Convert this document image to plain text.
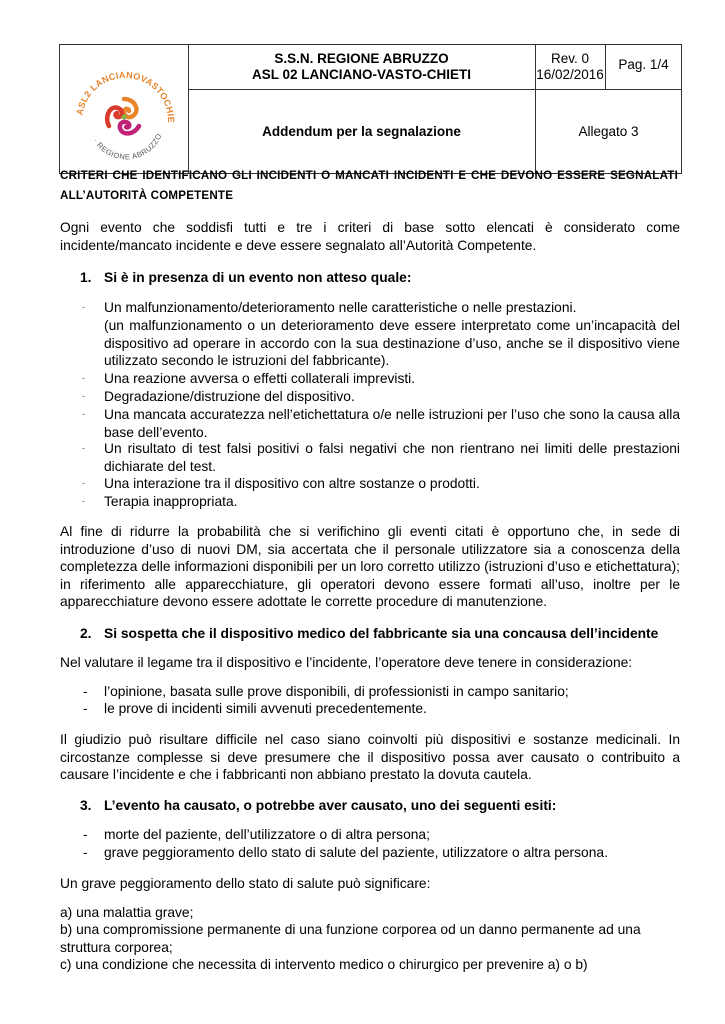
ASL2 LANCIANOVASTOCHIE
· REGIONE ABRUZZO
S.S.N. REGIONE ABRUZZO
ASL 02 LANCIANO-VASTO-CHIETI
Rev. 0
16/02/2016
Pag. 1/4
Addendum per la segnalazione	Allegato 3
CRITERI CHE IDENTIFICANO GLI INCIDENTI O MANCATI INCIDENTI E CHE DEVONO ESSERE SEGNALATI
ALL’AUTORITÀ COMPETENTE

Ogni evento che soddisfi tutti e tre i criteri di base sotto elencati è considerato come incidente/mancato incidente e deve essere segnalato all’Autorità Competente.

1. Si è in presenza di un evento non atteso quale:

- Un malfunzionamento/deterioramento nelle caratteristiche o nelle prestazioni.
(un malfunzionamento o un deterioramento deve essere interpretato come un’incapacità del dispositivo ad operare in accordo con la sua destinazione d’uso, anche se il dispositivo viene utilizzato secondo le istruzioni del fabbricante).
- Una reazione avversa o effetti collaterali imprevisti.
- Degradazione/distruzione del dispositivo.
- Una mancata accuratezza nell’etichettatura o/e nelle istruzioni per l’uso che sono la causa alla base dell’evento.
- Un risultato di test falsi positivi o falsi negativi che non rientrano nei limiti delle prestazioni dichiarate del test.
- Una interazione tra il dispositivo con altre sostanze o prodotti.
- Terapia inappropriata.

Al fine di ridurre la probabilità che si verifichino gli eventi citati è opportuno che, in sede di introduzione d’uso di nuovi DM, sia accertata che il personale utilizzatore sia a conoscenza della completezza delle informazioni disponibili per un loro corretto utilizzo (istruzioni d’uso e etichettatura); in riferimento alle apparecchiature, gli operatori devono essere formati all’uso, inoltre per le apparecchiature devono essere adottate le corrette procedure di manutenzione.

2. Si sospetta che il dispositivo medico del fabbricante sia una concausa dell’incidente

Nel valutare il legame tra il dispositivo e l’incidente, l’operatore deve tenere in considerazione:

- l’opinione, basata sulle prove disponibili, di professionisti in campo sanitario;
- le prove di incidenti simili avvenuti precedentemente.

Il giudizio può risultare difficile nel caso siano coinvolti più dispositivi e sostanze medicinali. In circostanze complesse si deve presumere che il dispositivo possa aver causato o contribuito a causare l’incidente e che i fabbricanti non abbiano prestato la dovuta cautela.

3. L’evento ha causato, o potrebbe aver causato, uno dei seguenti esiti:

- morte del paziente, dell’utilizzatore o di altra persona;
- grave peggioramento dello stato di salute del paziente, utilizzatore o altra persona.

Un grave peggioramento dello stato di salute può significare:

a) una malattia grave;

b) una compromissione permanente di una funzione corporea od un danno permanente ad una struttura corporea;

c) una condizione che necessita di intervento medico o chirurgico per prevenire a) o b)
